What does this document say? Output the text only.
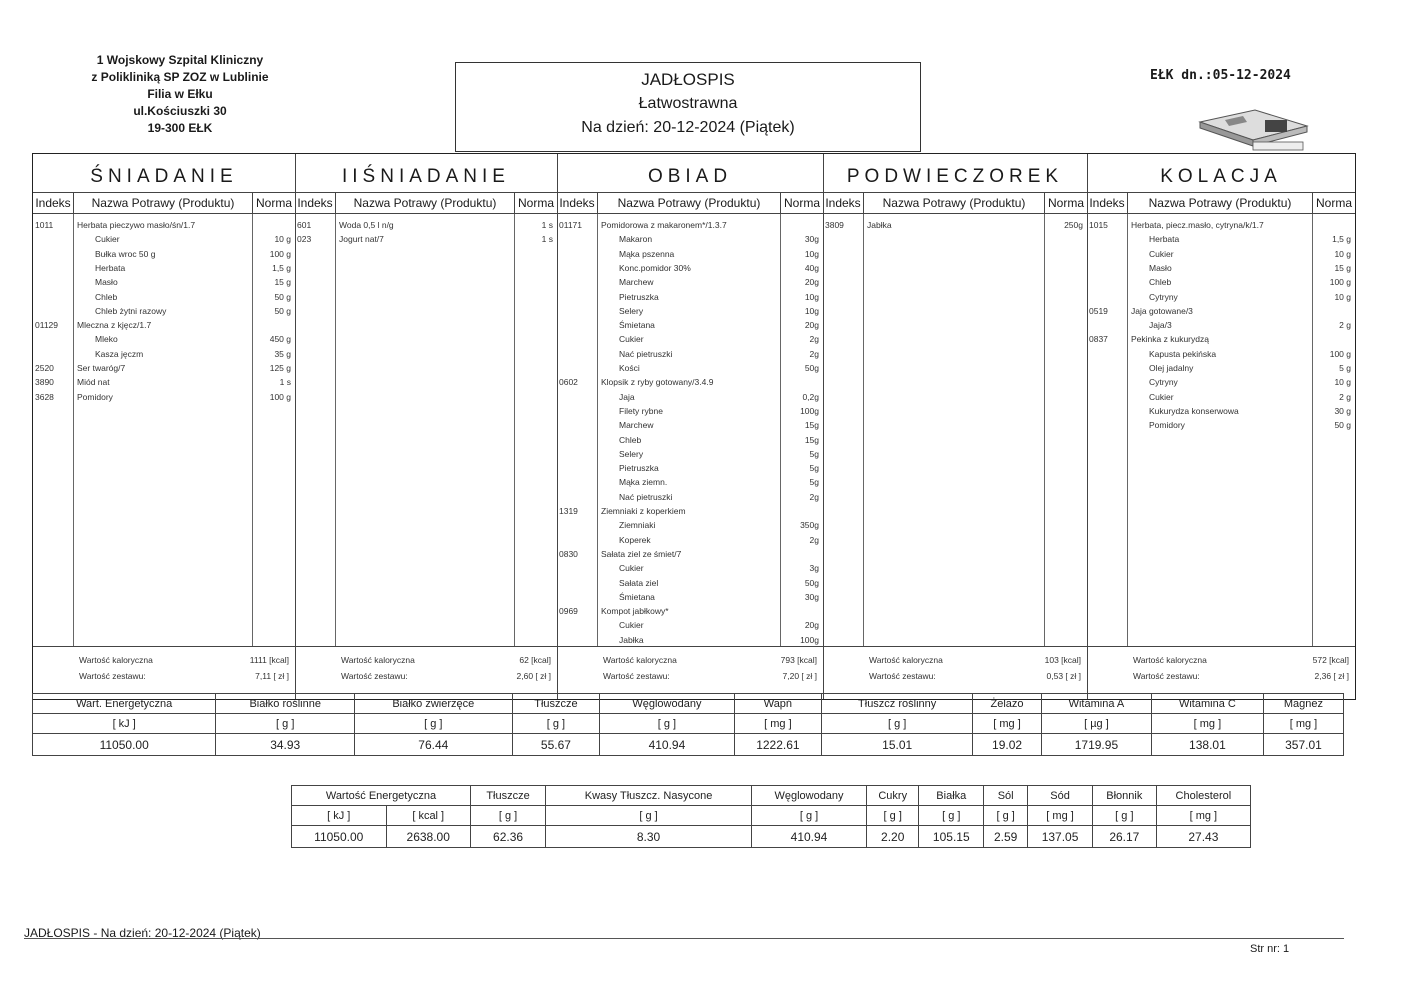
1 Wojskowy Szpital Kliniczny
z Polikliniką SP ZOZ w Lublinie
Filia w Ełku
ul.Kościuszki 30
19-300 EŁK
JADŁOSPIS
Łatwostrawna
Na dzień: 20-12-2024 (Piątek)
EŁK dn.:05-12-2024
ŚNIADANIE
Indeks	Nazwa Potrawy (Produktu)	Norma
1011	Herbata pieczywo masło/śn/1.7
Cukier	10 g
Bułka wroc 50 g	100 g
Herbata	1,5 g
Masło	15 g
Chleb	50 g
Chleb żytni razowy	50 g
01129	Mleczna z kjęcz/1.7
Mleko	450 g
Kasza jęczm	35 g
2520	Ser twaróg/7	125 g
3890	Miód nat	1 s
3628	Pomidory	100 g
Wartość kaloryczna	1111 [kcal]
Wartość zestawu:	7,11 [ zł ]
IIŚNIADANIE
Indeks	Nazwa Potrawy (Produktu)	Norma
601	Woda 0,5 l n/g	1 s
023	Jogurt nat/7	1 s
Wartość kaloryczna	62 [kcal]
Wartość zestawu:	2,60 [ zł ]
OBIAD
Indeks	Nazwa Potrawy (Produktu)	Norma
01171	Pomidorowa z makaronem*/1.3.7
Makaron	30g
Mąka pszenna	10g
Konc.pomidor 30%	40g
Marchew	20g
Pietruszka	10g
Selery	10g
Śmietana	20g
Cukier	2g
Nać pietruszki	2g
Kości	50g
0602	Klopsik z ryby gotowany/3.4.9
Jaja	0,2g
Filety rybne	100g
Marchew	15g
Chleb	15g
Selery	5g
Pietruszka	5g
Mąka ziemn.	5g
Nać pietruszki	2g
1319	Ziemniaki z koperkiem
Ziemniaki	350g
Koperek	2g
0830	Sałata ziel ze śmiet/7
Cukier	3g
Sałata ziel	50g
Śmietana	30g
0969	Kompot jabłkowy*
Cukier	20g
Jabłka	100g
Wartość kaloryczna	793 [kcal]
Wartość zestawu:	7,20 [ zł ]
PODWIECZOREK
Indeks	Nazwa Potrawy (Produktu)	Norma
3809	Jabłka	250g
Wartość kaloryczna	103 [kcal]
Wartość zestawu:	0,53 [ zł ]
KOLACJA
Indeks	Nazwa Potrawy (Produktu)	Norma
1015	Herbata, piecz.masło, cytryna/k/1.7
Herbata	1,5 g
Cukier	10 g
Masło	15 g
Chleb	100 g
Cytryny	10 g
0519	Jaja gotowane/3
Jaja/3	2 g
0837	Pekinka z kukurydzą
Kapusta pekińska	100 g
Olej jadalny	5 g
Cytryny	10 g
Cukier	2 g
Kukurydza konserwowa	30 g
Pomidory	50 g
Wartość kaloryczna	572 [kcal]
Wartość zestawu:	2,36 [ zł ]
Wart. Energetyczna	Białko roślinne	Białko zwierzęce	Tłuszcze	Węglowodany	Wapń	Tłuszcz roślinny	Żelazo	Witamina A	Witamina C	Magnez
[ kJ ]	[ g ]	[ g ]	[ g ]	[ g ]	[ mg ]	[ g ]	[ mg ]	[ µg ]	[ mg ]	[ mg ]
11050.00	34.93	76.44	55.67	410.94	1222.61	15.01	19.02	1719.95	138.01	357.01
Wartość Energetyczna		Tłuszcze	Kwasy Tłuszcz. Nasycone	Węglowodany	Cukry	Białka	Sól	Sód	Błonnik	Cholesterol
[ kJ ]	[ kcal ]	[ g ]	[ g ]	[ g ]	[ g ]	[ g ]	[ g ]	[ mg ]	[ g ]	[ mg ]
11050.00	2638.00	62.36	8.30	410.94	2.20	105.15	2.59	137.05	26.17	27.43
JADŁOSPIS - Na dzień: 20-12-2024 (Piątek)
Str nr: 1
